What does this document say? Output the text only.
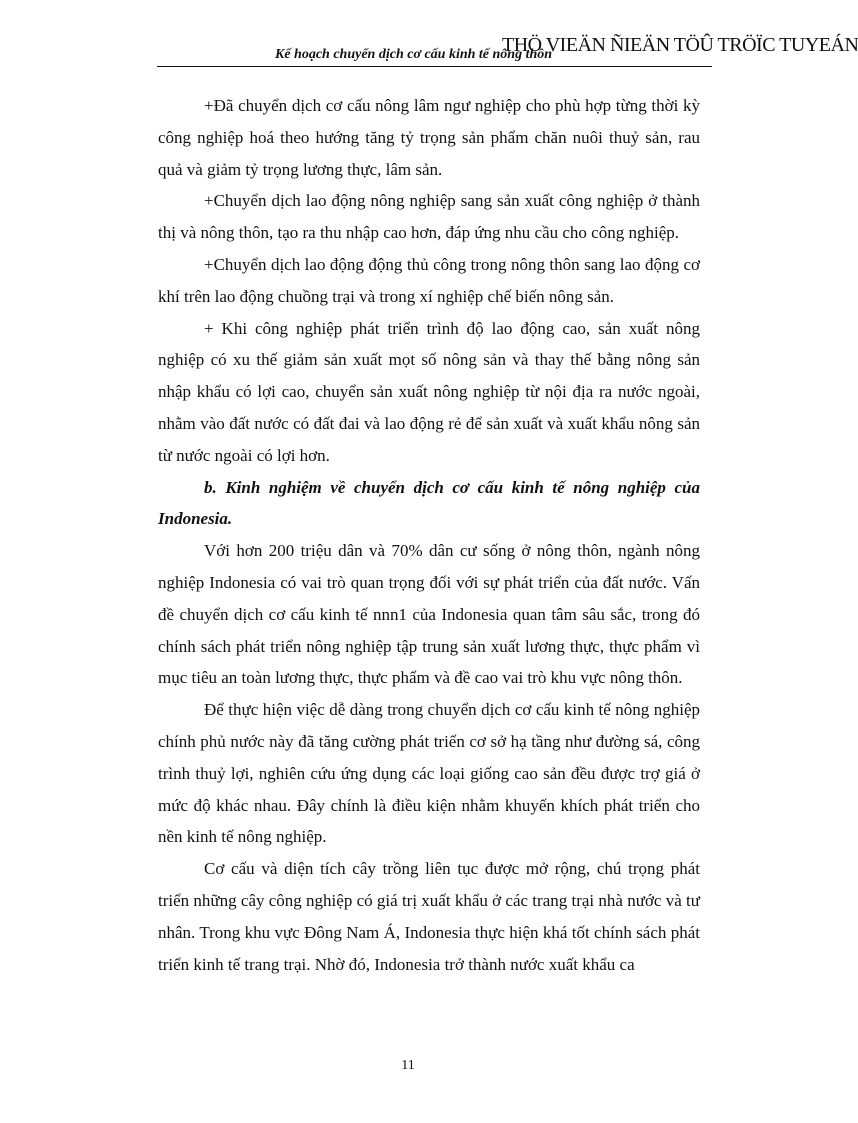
THÖ VIEÄN ÑIEÄN TÖÛ TRÖÏC TUYEÁN
Kế hoạch chuyển dịch cơ cấu kinh tế nông thôn

+Đã chuyển dịch cơ cấu nông lâm ngư nghiệp cho phù hợp từng thời kỳ công nghiệp hoá theo hướng tăng tỷ trọng sản phẩm chăn nuôi thuỷ sản, rau quả và giảm tỷ trọng lương thực, lâm sản.

+Chuyển dịch lao động nông nghiệp sang sản xuất công nghiệp ở thành thị và nông thôn, tạo ra thu nhập cao hơn, đáp ứng nhu cầu cho công nghiệp.

+Chuyển dịch lao động động thủ công trong nông thôn sang lao động cơ khí trên lao động chuồng trại và trong xí nghiệp chế biến nông sản.

+ Khi công nghiệp phát triển trình độ lao động cao, sản xuất nông nghiệp có xu thế giảm sản xuất mọt số nông sản và thay thế bằng nông sản nhập khẩu có lợi cao, chuyển sản xuất nông nghiệp từ nội địa ra nước ngoài, nhằm vào đất nước có đất đai và lao động rẻ để sản xuất và xuất khẩu nông sản từ nước ngoài có lợi hơn.

b. Kinh nghiệm về chuyển dịch cơ cấu kinh tế nông nghiệp của Indonesia.

Với hơn 200 triệu dân và 70% dân cư sống ở nông thôn, ngành nông nghiệp Indonesia có vai trò quan trọng đối với sự phát triển của đất nước. Vấn đề chuyển dịch cơ cấu kinh tế nnn1 của Indonesia quan tâm sâu sắc, trong đó chính sách phát triển nông nghiệp tập trung sản xuất lương thực, thực phẩm vì mục tiêu an toàn lương thực, thực phẩm và đề cao vai trò khu vực nông thôn.

Để thực hiện việc dễ dàng trong chuyển dịch cơ cấu kinh tế nông nghiệp chính phủ nước này đã tăng cường phát triển cơ sở hạ tầng như đường sá, công trình thuỷ lợi, nghiên cứu ứng dụng các loại giống cao sản đều được trợ giá ở mức độ khác nhau. Đây chính là điều kiện nhằm khuyến khích phát triển cho nền kinh tế nông nghiệp.

Cơ cấu và diện tích cây trồng liên tục được mở rộng, chú trọng phát triển những cây công nghiệp có giá trị xuất khẩu ở các trang trại nhà nước và tư nhân. Trong khu vực Đông Nam Á, Indonesia thực hiện khá tốt chính sách phát triển kinh tế trang trại. Nhờ đó, Indonesia trở thành nước xuất khẩu ca

11
